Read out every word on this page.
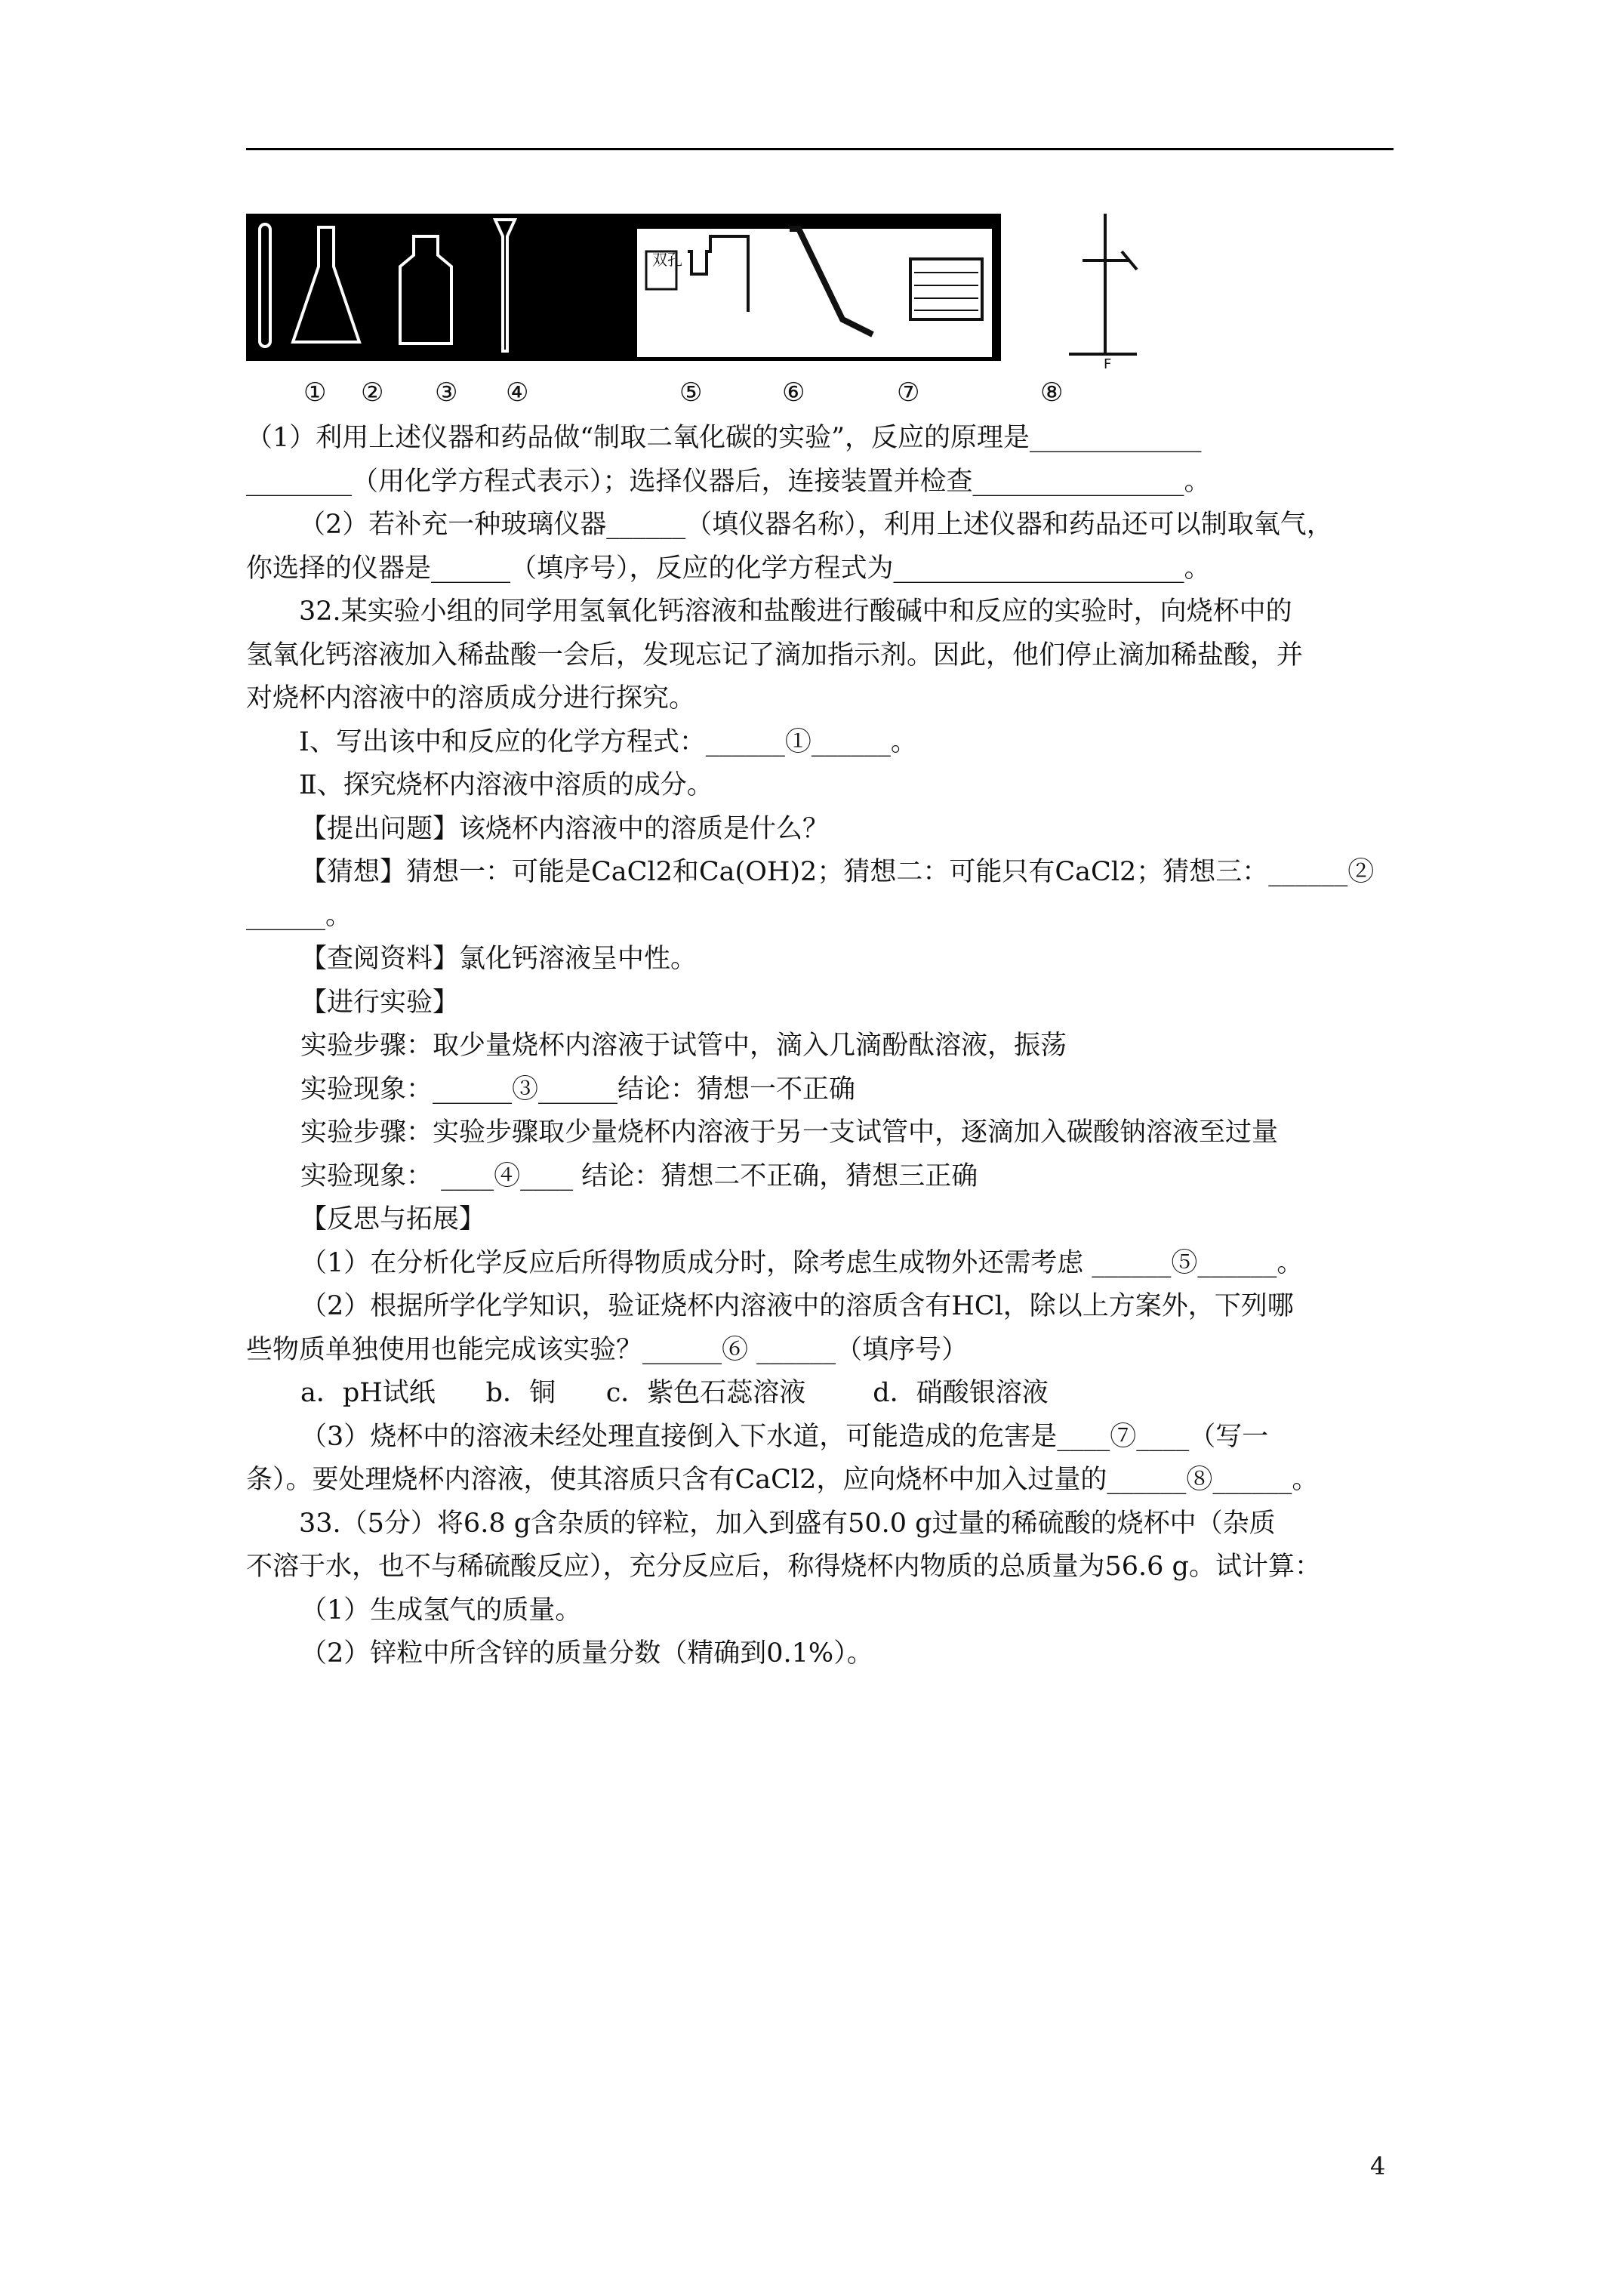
双孔
F
① ② ③ ④	⑤	⑥	⑦	⑧
（1）利用上述仪器和药品做“制取二氧化碳的实验”，反应的原理是_____________
________（用化学方程式表示）；选择仪器后，连接装置并检查________________。
（2）若补充一种玻璃仪器______（填仪器名称），利用上述仪器和药品还可以制取氧气，
你选择的仪器是______（填序号），反应的化学方程式为______________________。
32.某实验小组的同学用氢氧化钙溶液和盐酸进行酸碱中和反应的实验时，向烧杯中的
氢氧化钙溶液加入稀盐酸一会后，发现忘记了滴加指示剂。因此，他们停止滴加稀盐酸，并
对烧杯内溶液中的溶质成分进行探究。
Ⅰ、写出该中和反应的化学方程式：______①______。
Ⅱ、探究烧杯内溶液中溶质的成分。
【提出问题】该烧杯内溶液中的溶质是什么？
【猜想】猜想一：可能是CaCl2和Ca(OH)2；猜想二：可能只有CaCl2；猜想三：______②
______。
【查阅资料】氯化钙溶液呈中性。
【进行实验】
实验步骤：取少量烧杯内溶液于试管中，滴入几滴酚酞溶液，振荡
实验现象：______③______结论：猜想一不正确
实验步骤：实验步骤取少量烧杯内溶液于另一支试管中，逐滴加入碳酸钠溶液至过量
实验现象： ____④____ 结论：猜想二不正确，猜想三正确
【反思与拓展】
（1）在分析化学反应后所得物质成分时，除考虑生成物外还需考虑 ______⑤______。
（2）根据所学化学知识，验证烧杯内溶液中的溶质含有HCl，除以上方案外，下列哪
些物质单独使用也能完成该实验？______⑥ ______（填序号）
a．pH试纸      b．铜      c．紫色石蕊溶液        d．硝酸银溶液
（3）烧杯中的溶液未经处理直接倒入下水道，可能造成的危害是____⑦____（写一
条）。要处理烧杯内溶液，使其溶质只含有CaCl2，应向烧杯中加入过量的______⑧______。
33.（5分）将6.8 g含杂质的锌粒，加入到盛有50.0 g过量的稀硫酸的烧杯中（杂质
不溶于水，也不与稀硫酸反应），充分反应后，称得烧杯内物质的总质量为56.6 g。试计算：
（1）生成氢气的质量。
（2）锌粒中所含锌的质量分数（精确到0.1%）。
4
